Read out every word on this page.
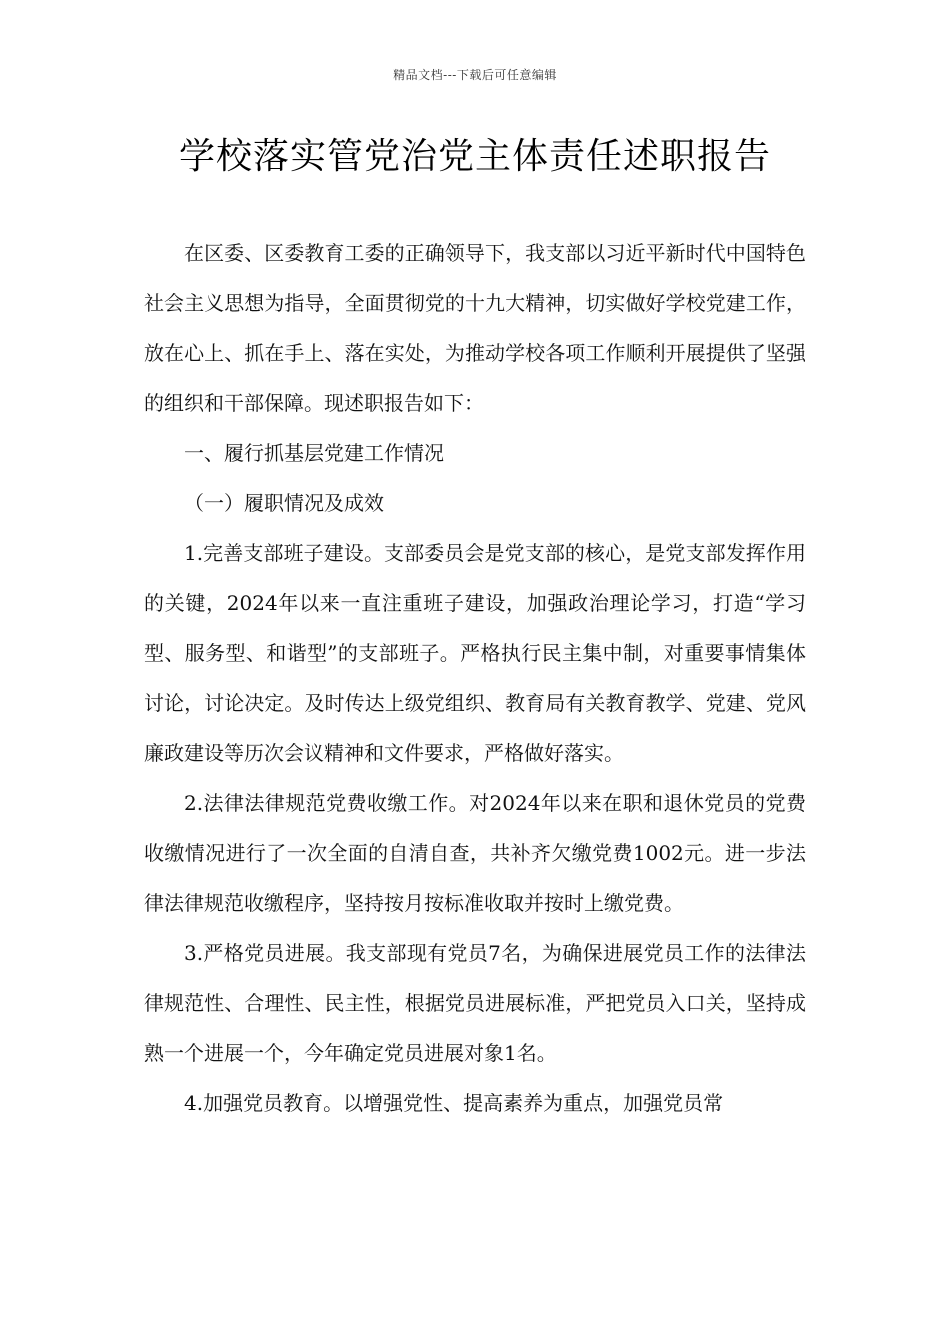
精品文档---下载后可任意编辑
学校落实管党治党主体责任述职报告

在区委、区委教育工委的正确领导下，我支部以习近平新时代中国特色社会主义思想为指导，全面贯彻党的十九大精神，切实做好学校党建工作，放在心上、抓在手上、落在实处，为推动学校各项工作顺利开展提供了坚强的组织和干部保障。现述职报告如下：

一、履行抓基层党建工作情况

（一）履职情况及成效

1.完善支部班子建设。支部委员会是党支部的核心，是党支部发挥作用的关键，2024年以来一直注重班子建设，加强政治理论学习，打造“学习型、服务型、和谐型”的支部班子。严格执行民主集中制，对重要事情集体讨论，讨论决定。及时传达上级党组织、教育局有关教育教学、党建、党风廉政建设等历次会议精神和文件要求，严格做好落实。

2.法律法律规范党费收缴工作。对2024年以来在职和退休党员的党费收缴情况进行了一次全面的自清自查，共补齐欠缴党费1002元。进一步法律法律规范收缴程序，坚持按月按标准收取并按时上缴党费。

3.严格党员进展。我支部现有党员7名，为确保进展党员工作的法律法律规范性、合理性、民主性，根据党员进展标准，严把党员入口关，坚持成熟一个进展一个，今年确定党员进展对象1名。

4.加强党员教育。以增强党性、提高素养为重点，加强党员常
